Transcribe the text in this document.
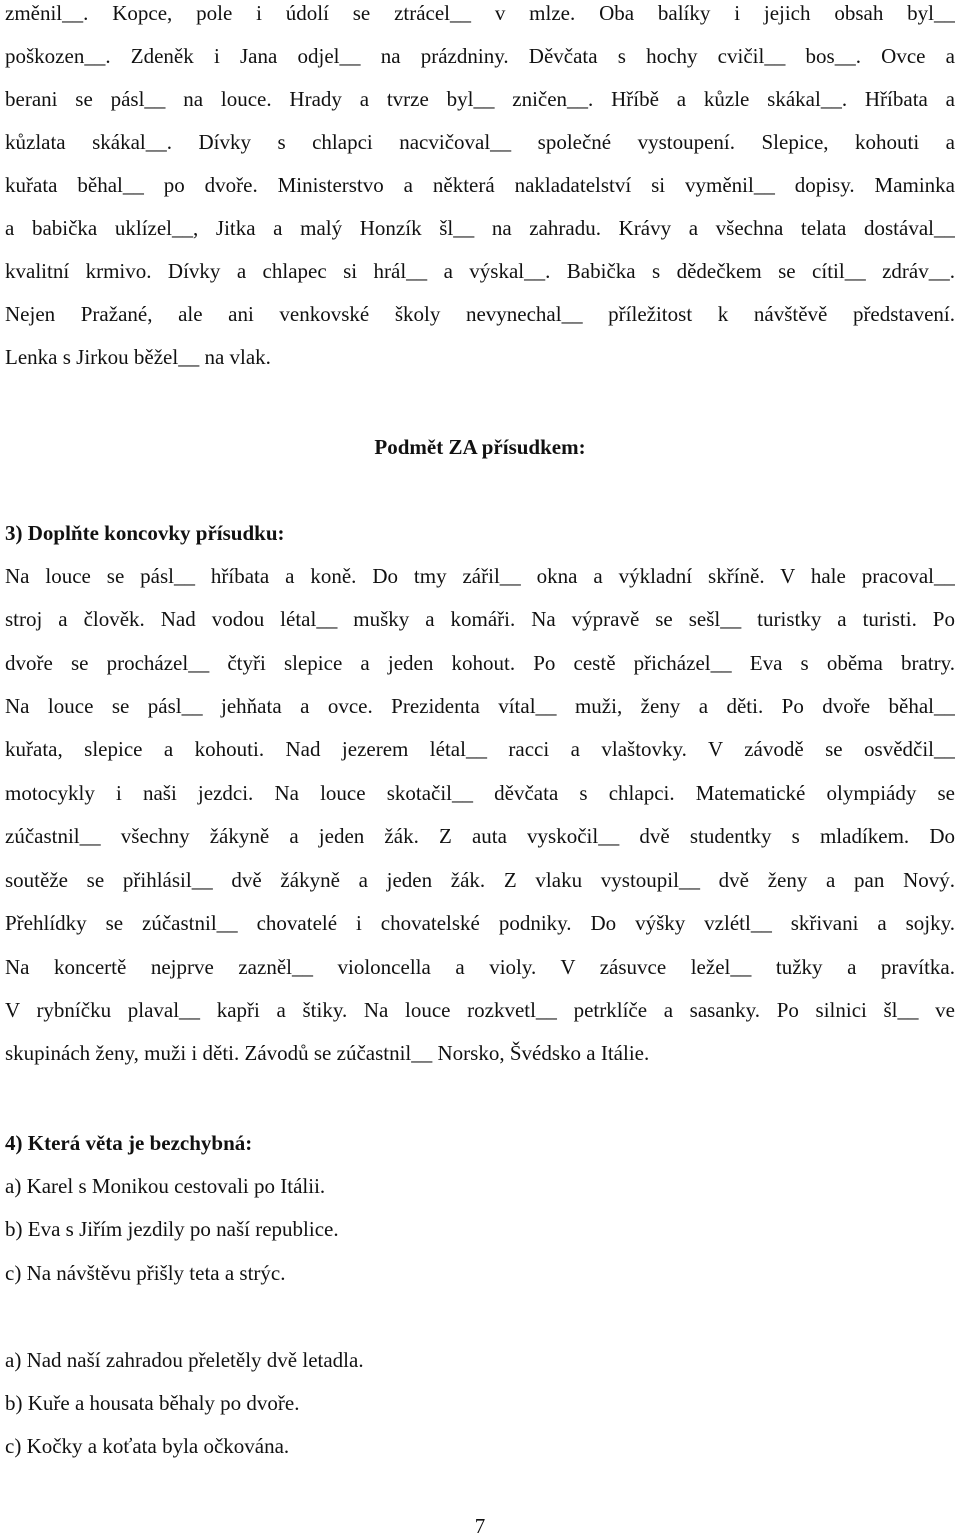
změnil__. Kopce, pole i údolí se ztrácel__ v mlze. Oba balíky i jejich obsah byl__
poškozen__. Zdeněk i Jana odjel__ na prázdniny. Děvčata s hochy cvičil__ bos__. Ovce a
berani se pásl__ na louce. Hrady a tvrze byl__ zničen__. Hříbě a kůzle skákal__. Hříbata a
kůzlata skákal__. Dívky s chlapci nacvičoval__ společné vystoupení. Slepice, kohouti a
kuřata běhal__ po dvoře. Ministerstvo a některá nakladatelství si vyměnil__ dopisy. Maminka
a babička uklízel__, Jitka a malý Honzík šl__ na zahradu. Krávy a všechna telata dostával__
kvalitní krmivo. Dívky a chlapec si hrál__ a výskal__. Babička s dědečkem se cítil__ zdráv__.
Nejen Pražané, ale ani venkovské školy nevynechal__ příležitost k návštěvě představení.
Lenka s Jirkou běžel__ na vlak.
Podmět ZA přísudkem:
3) Doplňte koncovky přísudku:
Na louce se pásl__ hříbata a koně. Do tmy zářil__ okna a výkladní skříně. V hale pracoval__
stroj a člověk. Nad vodou létal__ mušky a komáři. Na výpravě se sešl__ turistky a turisti. Po
dvoře se procházel__ čtyři slepice a jeden kohout. Po cestě přicházel__ Eva s oběma bratry.
Na louce se pásl__ jehňata a ovce. Prezidenta vítal__ muži, ženy a děti. Po dvoře běhal__
kuřata, slepice a kohouti. Nad jezerem létal__ racci a vlaštovky. V závodě se osvědčil__
motocykly i naši jezdci. Na louce skotačil__ děvčata s chlapci. Matematické olympiády se
zúčastnil__ všechny žákyně a jeden žák. Z auta vyskočil__ dvě studentky s mladíkem. Do
soutěže se přihlásil__ dvě žákyně a jeden žák. Z vlaku vystoupil__ dvě ženy a pan Nový.
Přehlídky se zúčastnil__ chovatelé i chovatelské podniky. Do výšky vzlétl__ skřivani a sojky.
Na koncertě nejprve zazněl__ violoncella a violy. V zásuvce ležel__ tužky a pravítka.
V rybníčku plaval__ kapři a štiky. Na louce rozkvetl__ petrklíče a sasanky. Po silnici šl__ ve
skupinách ženy, muži i děti. Závodů se zúčastnil__ Norsko, Švédsko a Itálie.
4) Která věta je bezchybná:
a) Karel s Monikou cestovali po Itálii.
b) Eva s Jiřím jezdily po naší republice.
c) Na návštěvu přišly teta a strýc.
a) Nad naší zahradou přeletěly dvě letadla.
b) Kuře a housata běhaly po dvoře.
c) Kočky a koťata byla očkována.
7
